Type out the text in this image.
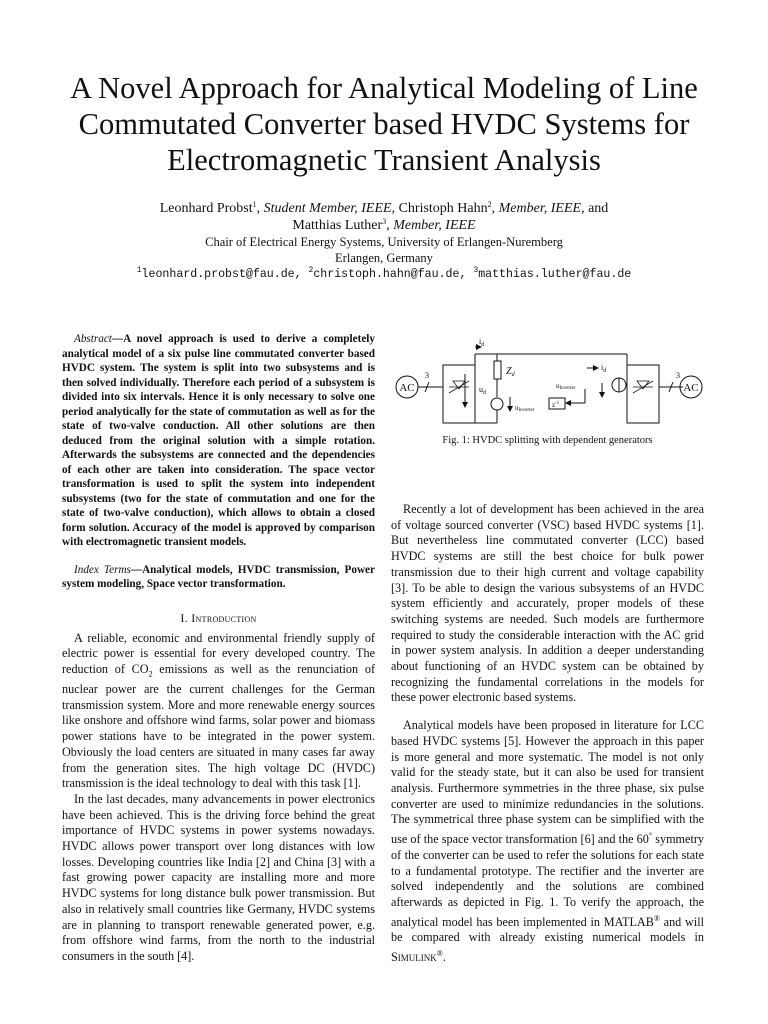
A Novel Approach for Analytical Modeling of Line
Commutated Converter based HVDC Systems for
Electromagnetic Transient Analysis
Leonhard Probst$^1$, Student Member, IEEE, Christoph Hahn$^2$, Member, IEEE, and
Matthias Luther$^3$, Member, IEEE
Chair of Electrical Energy Systems, University of Erlangen-Nuremberg
Erlangen, Germany
$^1$leonhard.probst@fau.de, $^2$christoph.hahn@fau.de, $^3$matthias.luther@fau.de

Abstract—A novel approach is used to derive a completely analytical model of a six pulse line commutated converter based HVDC system. The system is split into two subsystems and is then solved individually. Therefore each period of a subsystem is divided into six intervals. Hence it is only necessary to solve one period analytically for the state of commutation as well as for the state of two-valve conduction. All other solutions are then deduced from the original solution with a simple rotation. Afterwards the subsystems are connected and the dependencies of each other are taken into consideration. The space vector transformation is used to split the system into independent subsystems (two for the state of commutation and one for the state of two-valve conduction), which allows to obtain a closed form solution. Accuracy of the model is approved by comparison with electromagnetic transient models.

Index Terms—Analytical models, HVDC transmission, Power system modeling, Space vector transformation.

I. Introduction

A reliable, economic and environmental friendly supply of electric power is essential for every developed country. The reduction of $CO_2$ emissions as well as the renunciation of nuclear power are the current challenges for the German transmission system. More and more renewable energy sources like onshore and offshore wind farms, solar power and biomass power stations have to be integrated in the power system. Obviously the load centers are situated in many cases far away from the generation sites. The high voltage DC (HVDC) transmission is the ideal technology to deal with this task [1].

In the last decades, many advancements in power electronics have been achieved. This is the driving force behind the great importance of HVDC systems in power systems nowadays. HVDC allows power transport over long distances with low losses. Developing countries like India [2] and China [3] with a fast growing power capacity are installing more and more HVDC systems for long distance bulk power transmission. But also in relatively small countries like Germany, HVDC systems are in planning to transport renewable generated power, e.g. from offshore wind farms, from the north to the industrial consumers in the south [4].

AC
3
$i_d$
$u_d$
$Z_d$
uInverter
$z^{-1}$
uInverter
$i_d$	3
AC
Fig. 1: HVDC splitting with dependent generators

Recently a lot of development has been achieved in the area of voltage sourced converter (VSC) based HVDC systems [1]. But nevertheless line commutated converter (LCC) based HVDC systems are still the best choice for bulk power transmission due to their high current and voltage capability [3]. To be able to design the various subsystems of an HVDC system efficiently and accurately, proper models of these switching systems are needed. Such models are furthermore required to study the considerable interaction with the AC grid in power system analysis. In addition a deeper understanding about functioning of an HVDC system can be obtained by recognizing the fundamental correlations in the models for these power electronic based systems.

Analytical models have been proposed in literature for LCC based HVDC systems [5]. However the approach in this paper is more general and more systematic. The model is not only valid for the steady state, but it can also be used for transient analysis. Furthermore symmetries in the three phase, six pulse converter are used to minimize redundancies in the solutions. The symmetrical three phase system can be simplified with the use of the space vector transformation [6] and the 60° symmetry of the converter can be used to refer the solutions for each state to a fundamental prototype. The rectifier and the inverter are solved independently and the solutions are combined afterwards as depicted in Fig. 1. To verify the approach, the analytical model has been implemented in MATLAB® and will be compared with already existing numerical models in Simulink®.
